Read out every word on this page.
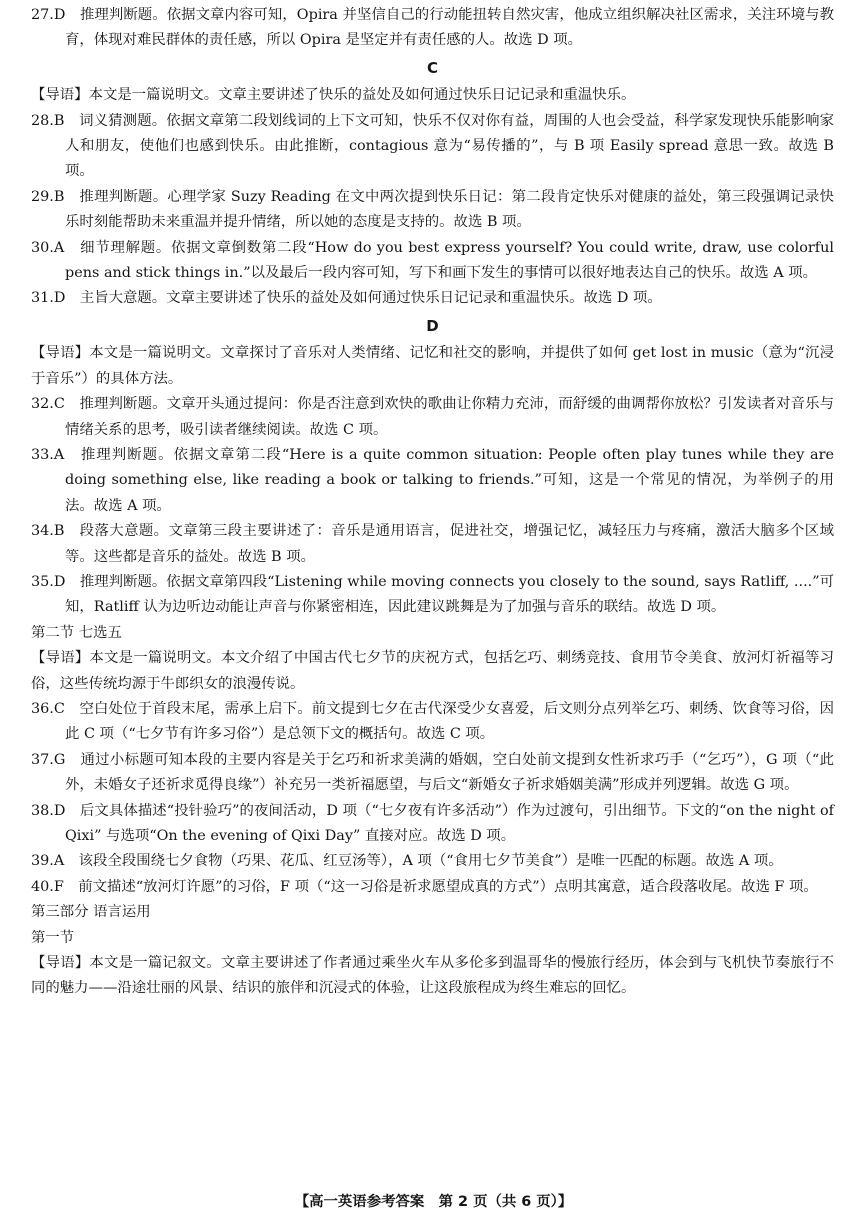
27.D　推理判断题。依据文章内容可知，Opira 并坚信自己的行动能扭转自然灾害，他成立组织解决社区需求，关注环境与教育，体现对难民群体的责任感，所以 Opira 是坚定并有责任感的人。故选 D 项。

C

【导语】本文是一篇说明文。文章主要讲述了快乐的益处及如何通过快乐日记记录和重温快乐。

28.B　词义猜测题。依据文章第二段划线词的上下文可知，快乐不仅对你有益，周围的人也会受益，科学家发现快乐能影响家人和朋友，使他们也感到快乐。由此推断，contagious 意为“易传播的”，与 B 项 Easily spread 意思一致。故选 B 项。

29.B　推理判断题。心理学家 Suzy Reading 在文中两次提到快乐日记：第二段肯定快乐对健康的益处，第三段强调记录快乐时刻能帮助未来重温并提升情绪，所以她的态度是支持的。故选 B 项。

30.A　细节理解题。依据文章倒数第二段“How do you best express yourself? You could write, draw, use colorful pens and stick things in.”以及最后一段内容可知，写下和画下发生的事情可以很好地表达自己的快乐。故选 A 项。

31.D　主旨大意题。文章主要讲述了快乐的益处及如何通过快乐日记记录和重温快乐。故选 D 项。

D

【导语】本文是一篇说明文。文章探讨了音乐对人类情绪、记忆和社交的影响，并提供了如何 get lost in music（意为“沉浸于音乐”）的具体方法。

32.C　推理判断题。文章开头通过提问：你是否注意到欢快的歌曲让你精力充沛，而舒缓的曲调帮你放松？引发读者对音乐与情绪关系的思考，吸引读者继续阅读。故选 C 项。

33.A　推理判断题。依据文章第二段“Here is a quite common situation: People often play tunes while they are doing something else, like reading a book or talking to friends.”可知，这是一个常见的情况，为举例子的用法。故选 A 项。

34.B　段落大意题。文章第三段主要讲述了：音乐是通用语言，促进社交，增强记忆，减轻压力与疼痛，激活大脑多个区域等。这些都是音乐的益处。故选 B 项。

35.D　推理判断题。依据文章第四段“Listening while moving connects you closely to the sound, says Ratliff, ....”可知，Ratliff 认为边听边动能让声音与你紧密相连，因此建议跳舞是为了加强与音乐的联结。故选 D 项。

第二节 七选五

【导语】本文是一篇说明文。本文介绍了中国古代七夕节的庆祝方式，包括乞巧、刺绣竞技、食用节令美食、放河灯祈福等习俗，这些传统均源于牛郎织女的浪漫传说。

36.C　空白处位于首段末尾，需承上启下。前文提到七夕在古代深受少女喜爱，后文则分点列举乞巧、刺绣、饮食等习俗，因此 C 项（“七夕节有许多习俗”）是总领下文的概括句。故选 C 项。

37.G　通过小标题可知本段的主要内容是关于乞巧和祈求美满的婚姻，空白处前文提到女性祈求巧手（“乞巧”），G 项（“此外，未婚女子还祈求觅得良缘”）补充另一类祈福愿望，与后文“新婚女子祈求婚姻美满”形成并列逻辑。故选 G 项。

38.D　后文具体描述“投针验巧”的夜间活动，D 项（“七夕夜有许多活动”）作为过渡句，引出细节。下文的“on the night of Qixi” 与选项“On the evening of Qixi Day” 直接对应。故选 D 项。

39.A　该段全段围绕七夕食物（巧果、花瓜、红豆汤等），A 项（“食用七夕节美食”）是唯一匹配的标题。故选 A 项。

40.F　前文描述“放河灯许愿”的习俗，F 项（“这一习俗是祈求愿望成真的方式”）点明其寓意，适合段落收尾。故选 F 项。

第三部分 语言运用

第一节

【导语】本文是一篇记叙文。文章主要讲述了作者通过乘坐火车从多伦多到温哥华的慢旅行经历，体会到与飞机快节奏旅行不同的魅力——沿途壮丽的风景、结识的旅伴和沉浸式的体验，让这段旅程成为终生难忘的回忆。

【高一英语参考答案　第 2 页（共 6 页）】
